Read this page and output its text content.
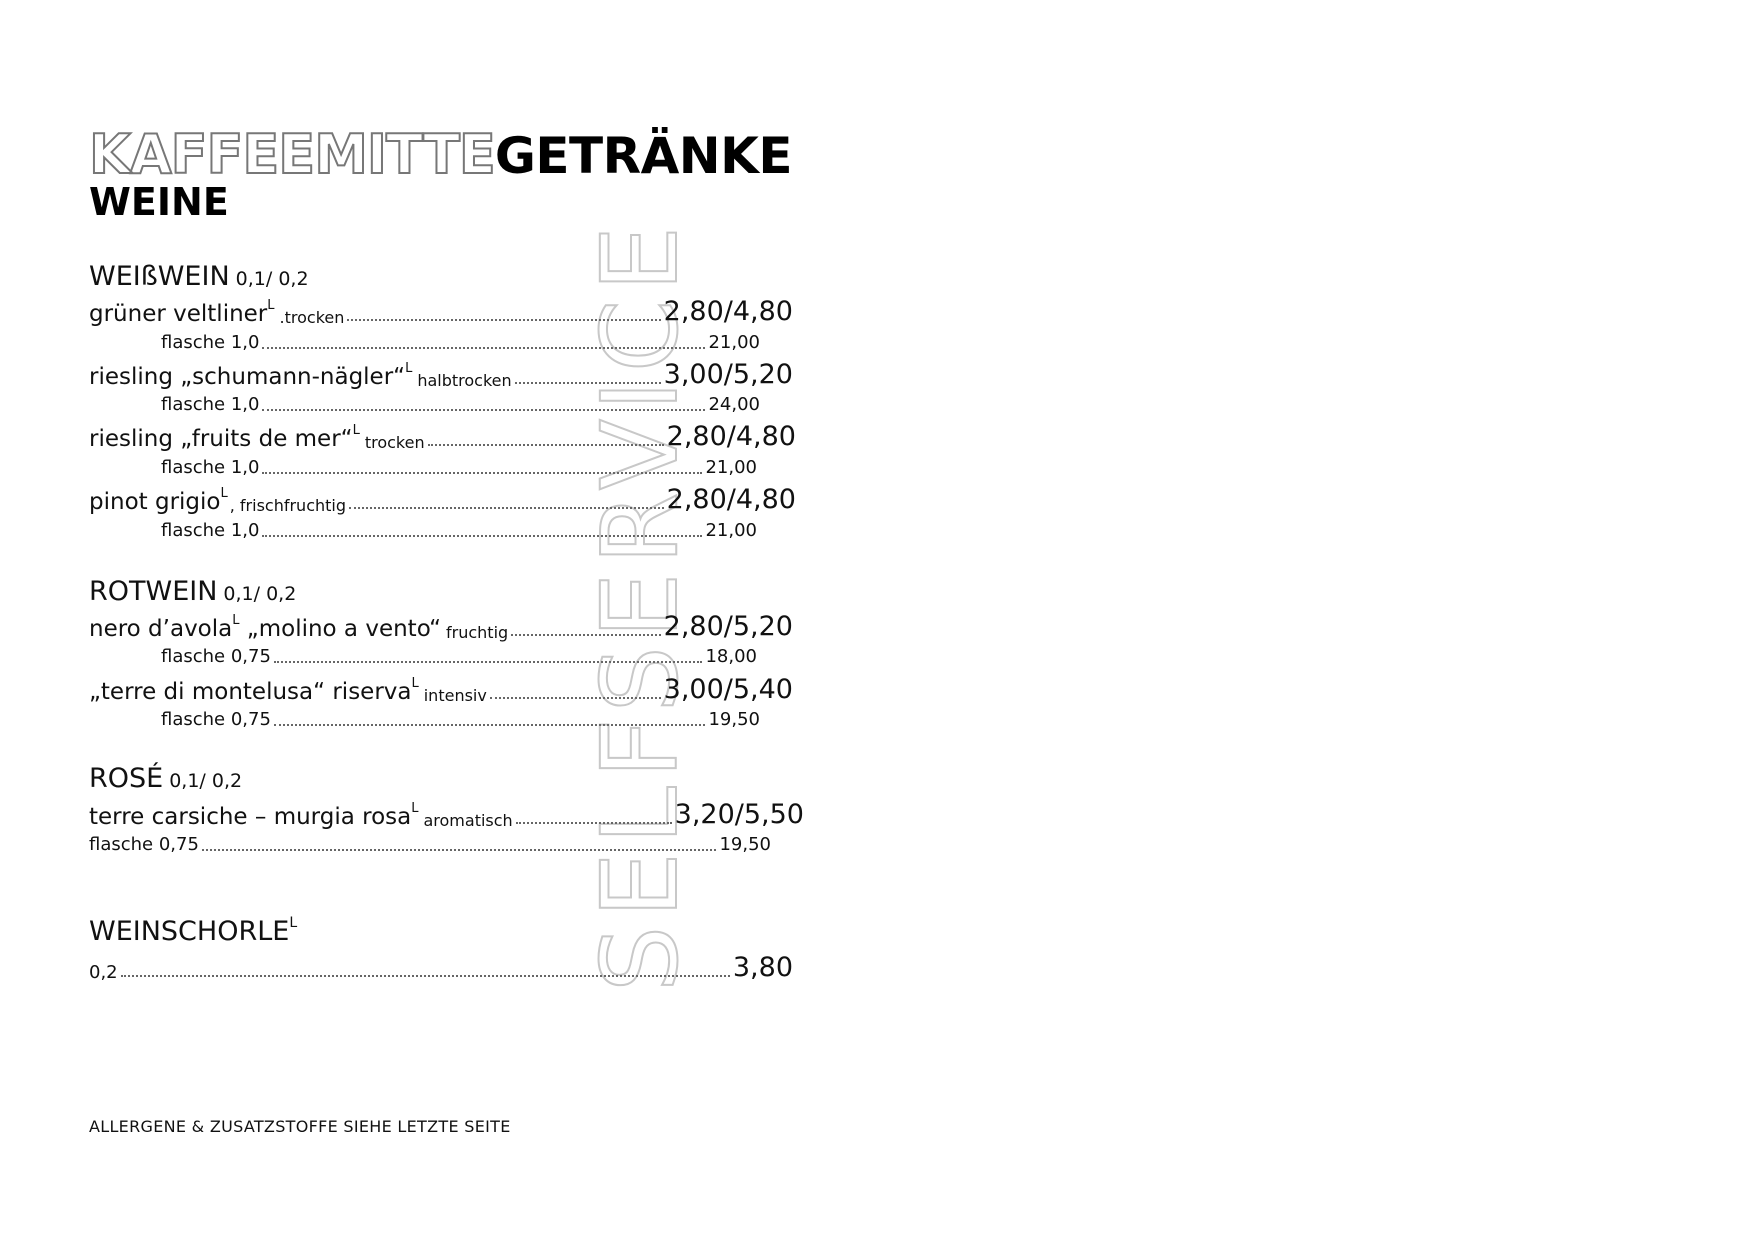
KAFFEEMITTEGETRÄNKE
WEINE
SELFSERVICE
WEIßWEIN 0,1/ 0,2
grüner veltliner$^L$
.trocken	2,80/4,80
flasche 1,0	21,00
riesling „schumann-nägler“$^L$
halbtrocken	3,00/5,20
flasche 1,0	24,00
riesling „fruits de mer“$^L$
trocken	2,80/4,80
flasche 1,0	21,00
pinot grigio$^L$
, frischfruchtig	2,80/4,80
flasche 1,0	21,00
ROTWEIN 0,1/ 0,2
nero d’avola$^L$ „molino a vento“ fruchtig	2,80/5,20
flasche 0,75	18,00
„terre di montelusa“ riserva$^L$
intensiv	3,00/5,40
flasche 0,75	19,50
ROSÉ 0,1/ 0,2
terre carsiche – murgia rosa$^L$
aromatisch	3,20/5,50
flasche 0,75	19,50
$WEINSCHORLE^L$
0,2	3,80

ALLERGENE & ZUSATZSTOFFE SIEHE LETZTE SEITE
